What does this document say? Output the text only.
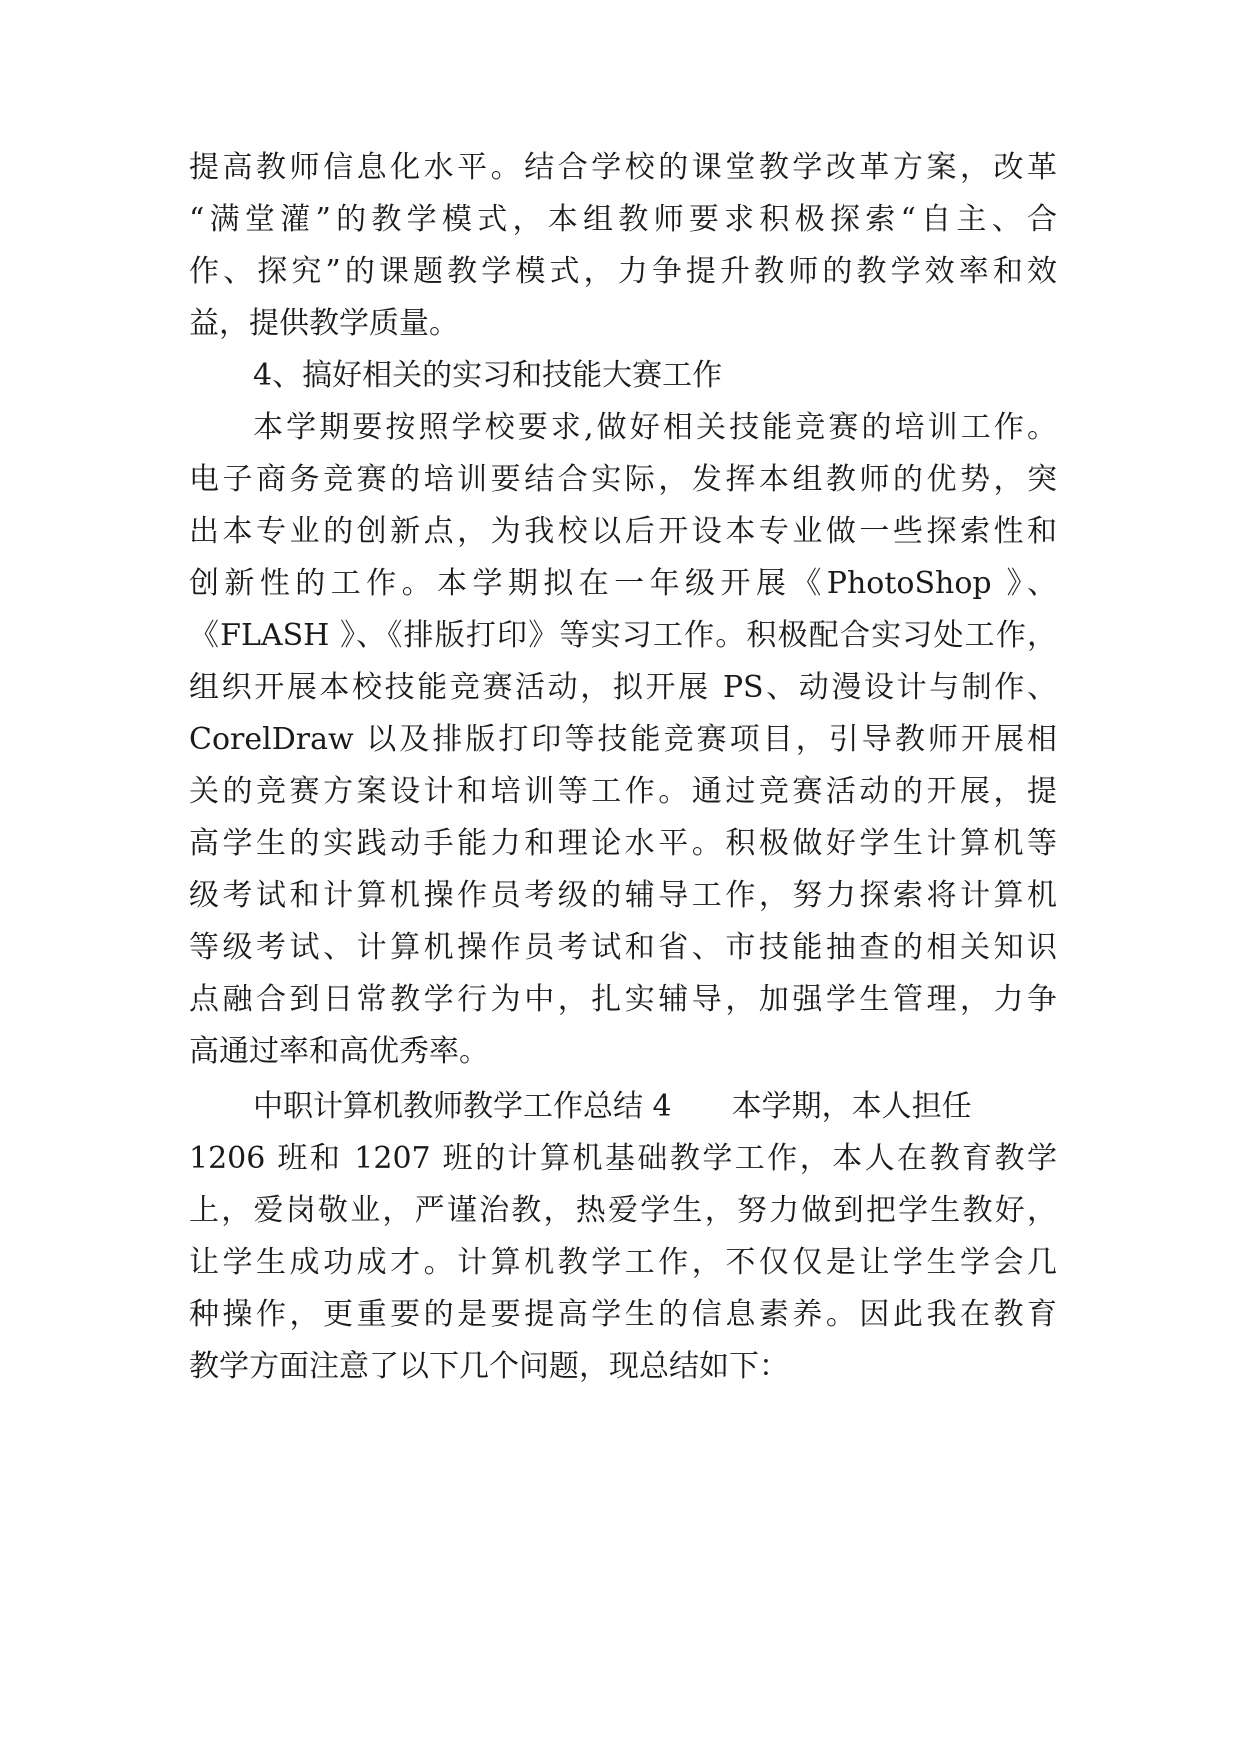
提高教师信息化水平。结合学校的课堂教学改革方案，改革
“满堂灌”的教学模式，本组教师要求积极探索“自主、合
作、探究”的课题教学模式，力争提升教师的教学效率和效
益，提供教学质量。
4、搞好相关的实习和技能大赛工作
本学期要按照学校要求,做好相关技能竞赛的培训工作。
电子商务竞赛的培训要结合实际，发挥本组教师的优势，突
出本专业的创新点，为我校以后开设本专业做一些探索性和
创新性的工作。本学期拟在一年级开展《PhotoShop 》、
《FLASH 》、《排版打印》等实习工作。积极配合实习处工作，
组织开展本校技能竞赛活动，拟开展 PS、动漫设计与制作、
CorelDraw 以及排版打印等技能竞赛项目，引导教师开展相
关的竞赛方案设计和培训等工作。通过竞赛活动的开展，提
高学生的实践动手能力和理论水平。积极做好学生计算机等
级考试和计算机操作员考级的辅导工作，努力探索将计算机
等级考试、计算机操作员考试和省、市技能抽查的相关知识
点融合到日常教学行为中，扎实辅导，加强学生管理，力争
高通过率和高优秀率。
中职计算机教师教学工作总结 4　　本学期，本人担任
1206 班和 1207 班的计算机基础教学工作，本人在教育教学
上，爱岗敬业，严谨治教，热爱学生，努力做到把学生教好，
让学生成功成才。计算机教学工作，不仅仅是让学生学会几
种操作，更重要的是要提高学生的信息素养。因此我在教育
教学方面注意了以下几个问题，现总结如下：
